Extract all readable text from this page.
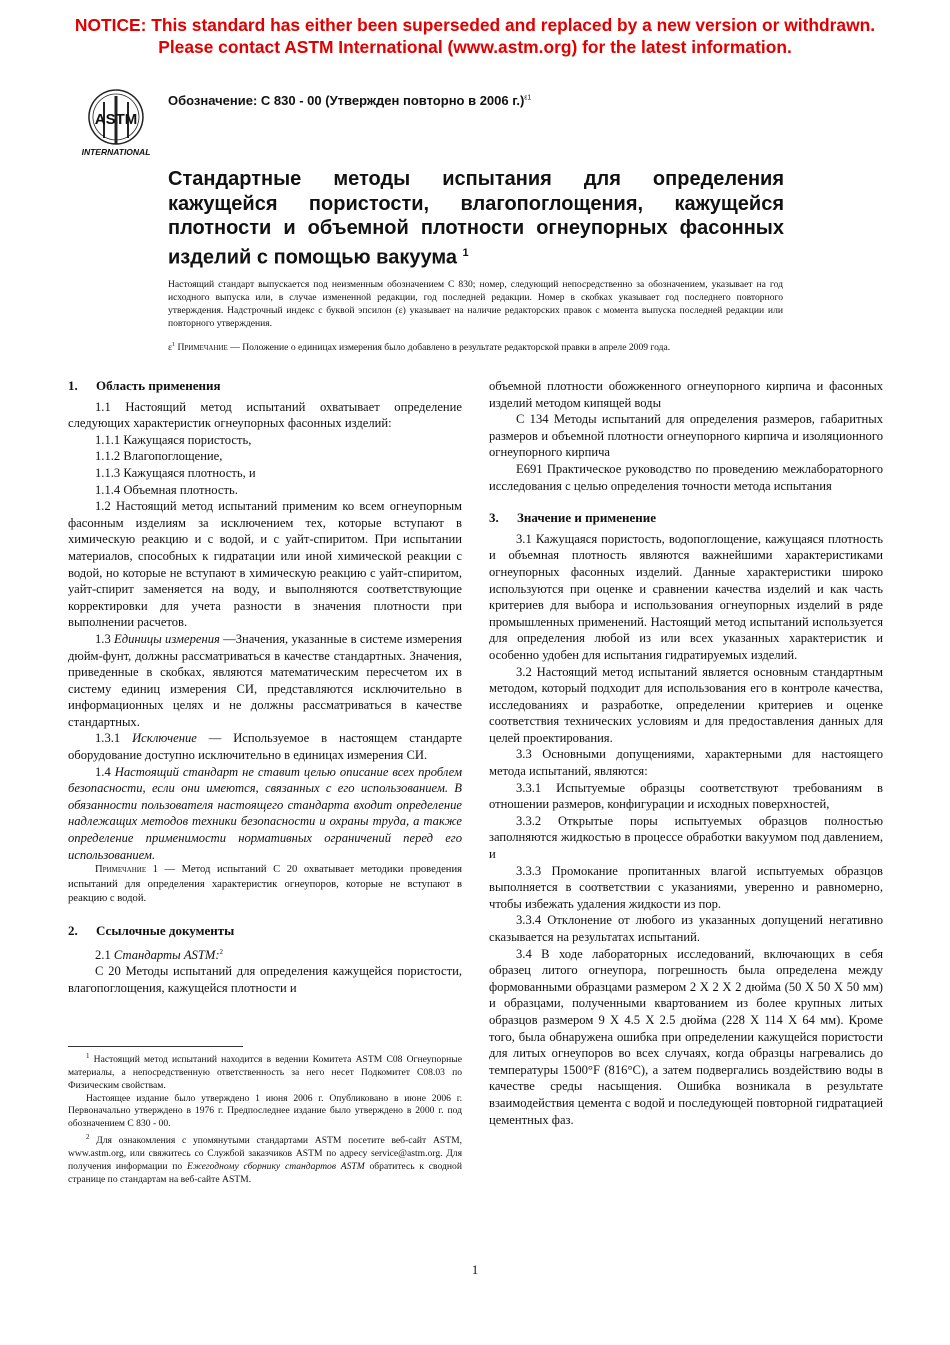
NOTICE: This standard has either been superseded and replaced by a new version or withdrawn.
Please contact ASTM International (www.astm.org) for the latest information.
ASTM
INTERNATIONAL
Обозначение: С 830 - 00 (Утвержден повторно в 2006 г.)$^{\varepsilon 1}$
Стандартные методы испытания для определения кажущейся пористости, влагопоглощения, кажущейся плотности и объемной плотности огнеупорных фасонных изделий с помощью вакуума $^1$
Настоящий стандарт выпускается под неизменным обозначением С 830; номер, следующий непосредственно за обозначением, указывает на год исходного выпуска или, в случае измененной редакции, год последней редакции. Номер в скобках указывает год последнего повторного утверждения. Надстрочный индекс с буквой эпсилон (ε) указывает на наличие редакторских правок с момента выпуска последней редакции или повторного утверждения.
$\varepsilon^1$ Примечание — Положение о единицах измерения было добавлено в результате редакторской правки в апреле 2009 года.

1. Область применения

1.1 Настоящий метод испытаний охватывает определение следующих характеристик огнеупорных фасонных изделий:

1.1.1 Кажущаяся пористость,

1.1.2 Влагопоглощение,

1.1.3 Кажущаяся плотность, и

1.1.4 Объемная плотность.

1.2 Настоящий метод испытаний применим ко всем огнеупорным фасонным изделиям за исключением тех, которые вступают в химическую реакцию и с водой, и с уайт-спиритом. При испытании материалов, способных к гидратации или иной химической реакции с водой, но которые не вступают в химическую реакцию с уайт-спиритом, уайт-спирит заменяется на воду, и выполняются соответствующие корректировки для учета разности в значения плотности при выполнении расчетов.

1.3 Единицы измерения —Значения, указанные в системе измерения дюйм-фунт, должны рассматриваться в качестве стандартных. Значения, приведенные в скобках, являются математическим пересчетом их в систему единиц измерения СИ, представляются исключительно в информационных целях и не должны рассматриваться в качестве стандартных.

1.3.1 Исключение — Используемое в настоящем стандарте оборудование доступно исключительно в единицах измерения СИ.

1.4 Настоящий стандарт не ставит целью описание всех проблем безопасности, если они имеются, связанных с его использованием. В обязанности пользователя настоящего стандарта входит определение надлежащих методов техники безопасности и охраны труда, а также определение применимости нормативных ограничений перед его использованием.

Примечание 1 — Метод испытаний С 20 охватывает методики проведения испытаний для определения характеристик огнеупоров, которые не вступают в реакцию с водой.

2. Ссылочные документы

2.1 Стандарты ASTM:$^2$

С 20 Методы испытаний для определения кажущейся пористости, влагопоглощения, кажущейся плотности и

$^1$ Настоящий метод испытаний находится в ведении Комитета ASTM С08 Огнеупорные материалы, а непосредственную ответственность за него несет Подкомитет С08.03 по Физическим свойствам.

Настоящее издание было утверждено 1 июня 2006 г. Опубликовано в июне 2006 г. Первоначально утверждено в 1976 г. Предпоследнее издание было утверждено в 2000 г. под обозначением С 830 - 00.

$^2$ Для ознакомления с упомянутыми стандартами ASTM посетите веб-сайт ASTM, www.astm.org, или свяжитесь со Службой заказчиков ASTM по адресу service@astm.org. Для получения информации по Ежегодному сборнику стандартов ASTM обратитесь к сводной странице по стандартам на веб-сайте ASTM.

объемной плотности обожженного огнеупорного кирпича и фасонных изделий методом кипящей воды

С 134 Методы испытаний для определения размеров, габаритных размеров и объемной плотности огнеупорного кирпича и изоляционного огнеупорного кирпича

Е691 Практическое руководство по проведению межлабораторного исследования с целью определения точности метода испытания

3. Значение и применение

3.1 Кажущаяся пористость, водопоглощение, кажущаяся плотность и объемная плотность являются важнейшими характеристиками огнеупорных фасонных изделий. Данные характеристики широко используются при оценке и сравнении качества изделий и как часть критериев для выбора и использования огнеупорных изделий в ряде промышленных применений. Настоящий метод испытаний используется для определения любой из или всех указанных характеристик и особенно удобен для испытания гидратируемых изделий.

3.2 Настоящий метод испытаний является основным стандартным методом, который подходит для использования его в контроле качества, исследованиях и разработке, определении критериев и оценке соответствия технических условиям и для предоставления данных для целей проектирования.

3.3 Основными допущениями, характерными для настоящего метода испытаний, являются:

3.3.1 Испытуемые образцы соответствуют требованиям в отношении размеров, конфигурации и исходных поверхностей,

3.3.2 Открытые поры испытуемых образцов полностью заполняются жидкостью в процессе обработки вакуумом под давлением, и

3.3.3 Промокание пропитанных влагой испытуемых образцов выполняется в соответствии с указаниями, уверенно и равномерно, чтобы избежать удаления жидкости из пор.

3.3.4 Отклонение от любого из указанных допущений негативно сказывается на результатах испытаний.

3.4 В ходе лабораторных исследований, включающих в себя образец литого огнеупора, погрешность была определена между формованными образцами размером 2 X 2 X 2 дюйма (50 X 50 X 50 мм) и образцами, полученными квартованием из более крупных литых образцов размером 9 X 4.5 X 2.5 дюйма (228 X 114 X 64 мм). Кроме того, была обнаружена ошибка при определении кажущейся пористости для литых огнеупоров во всех случаях, когда образцы нагревались до температуры 1500°F (816°C), а затем подвергались воздействию воды в качестве среды насыщения. Ошибка возникала в результате взаимодействия цемента с водой и последующей повторной гидратацией цементных фаз.

1
